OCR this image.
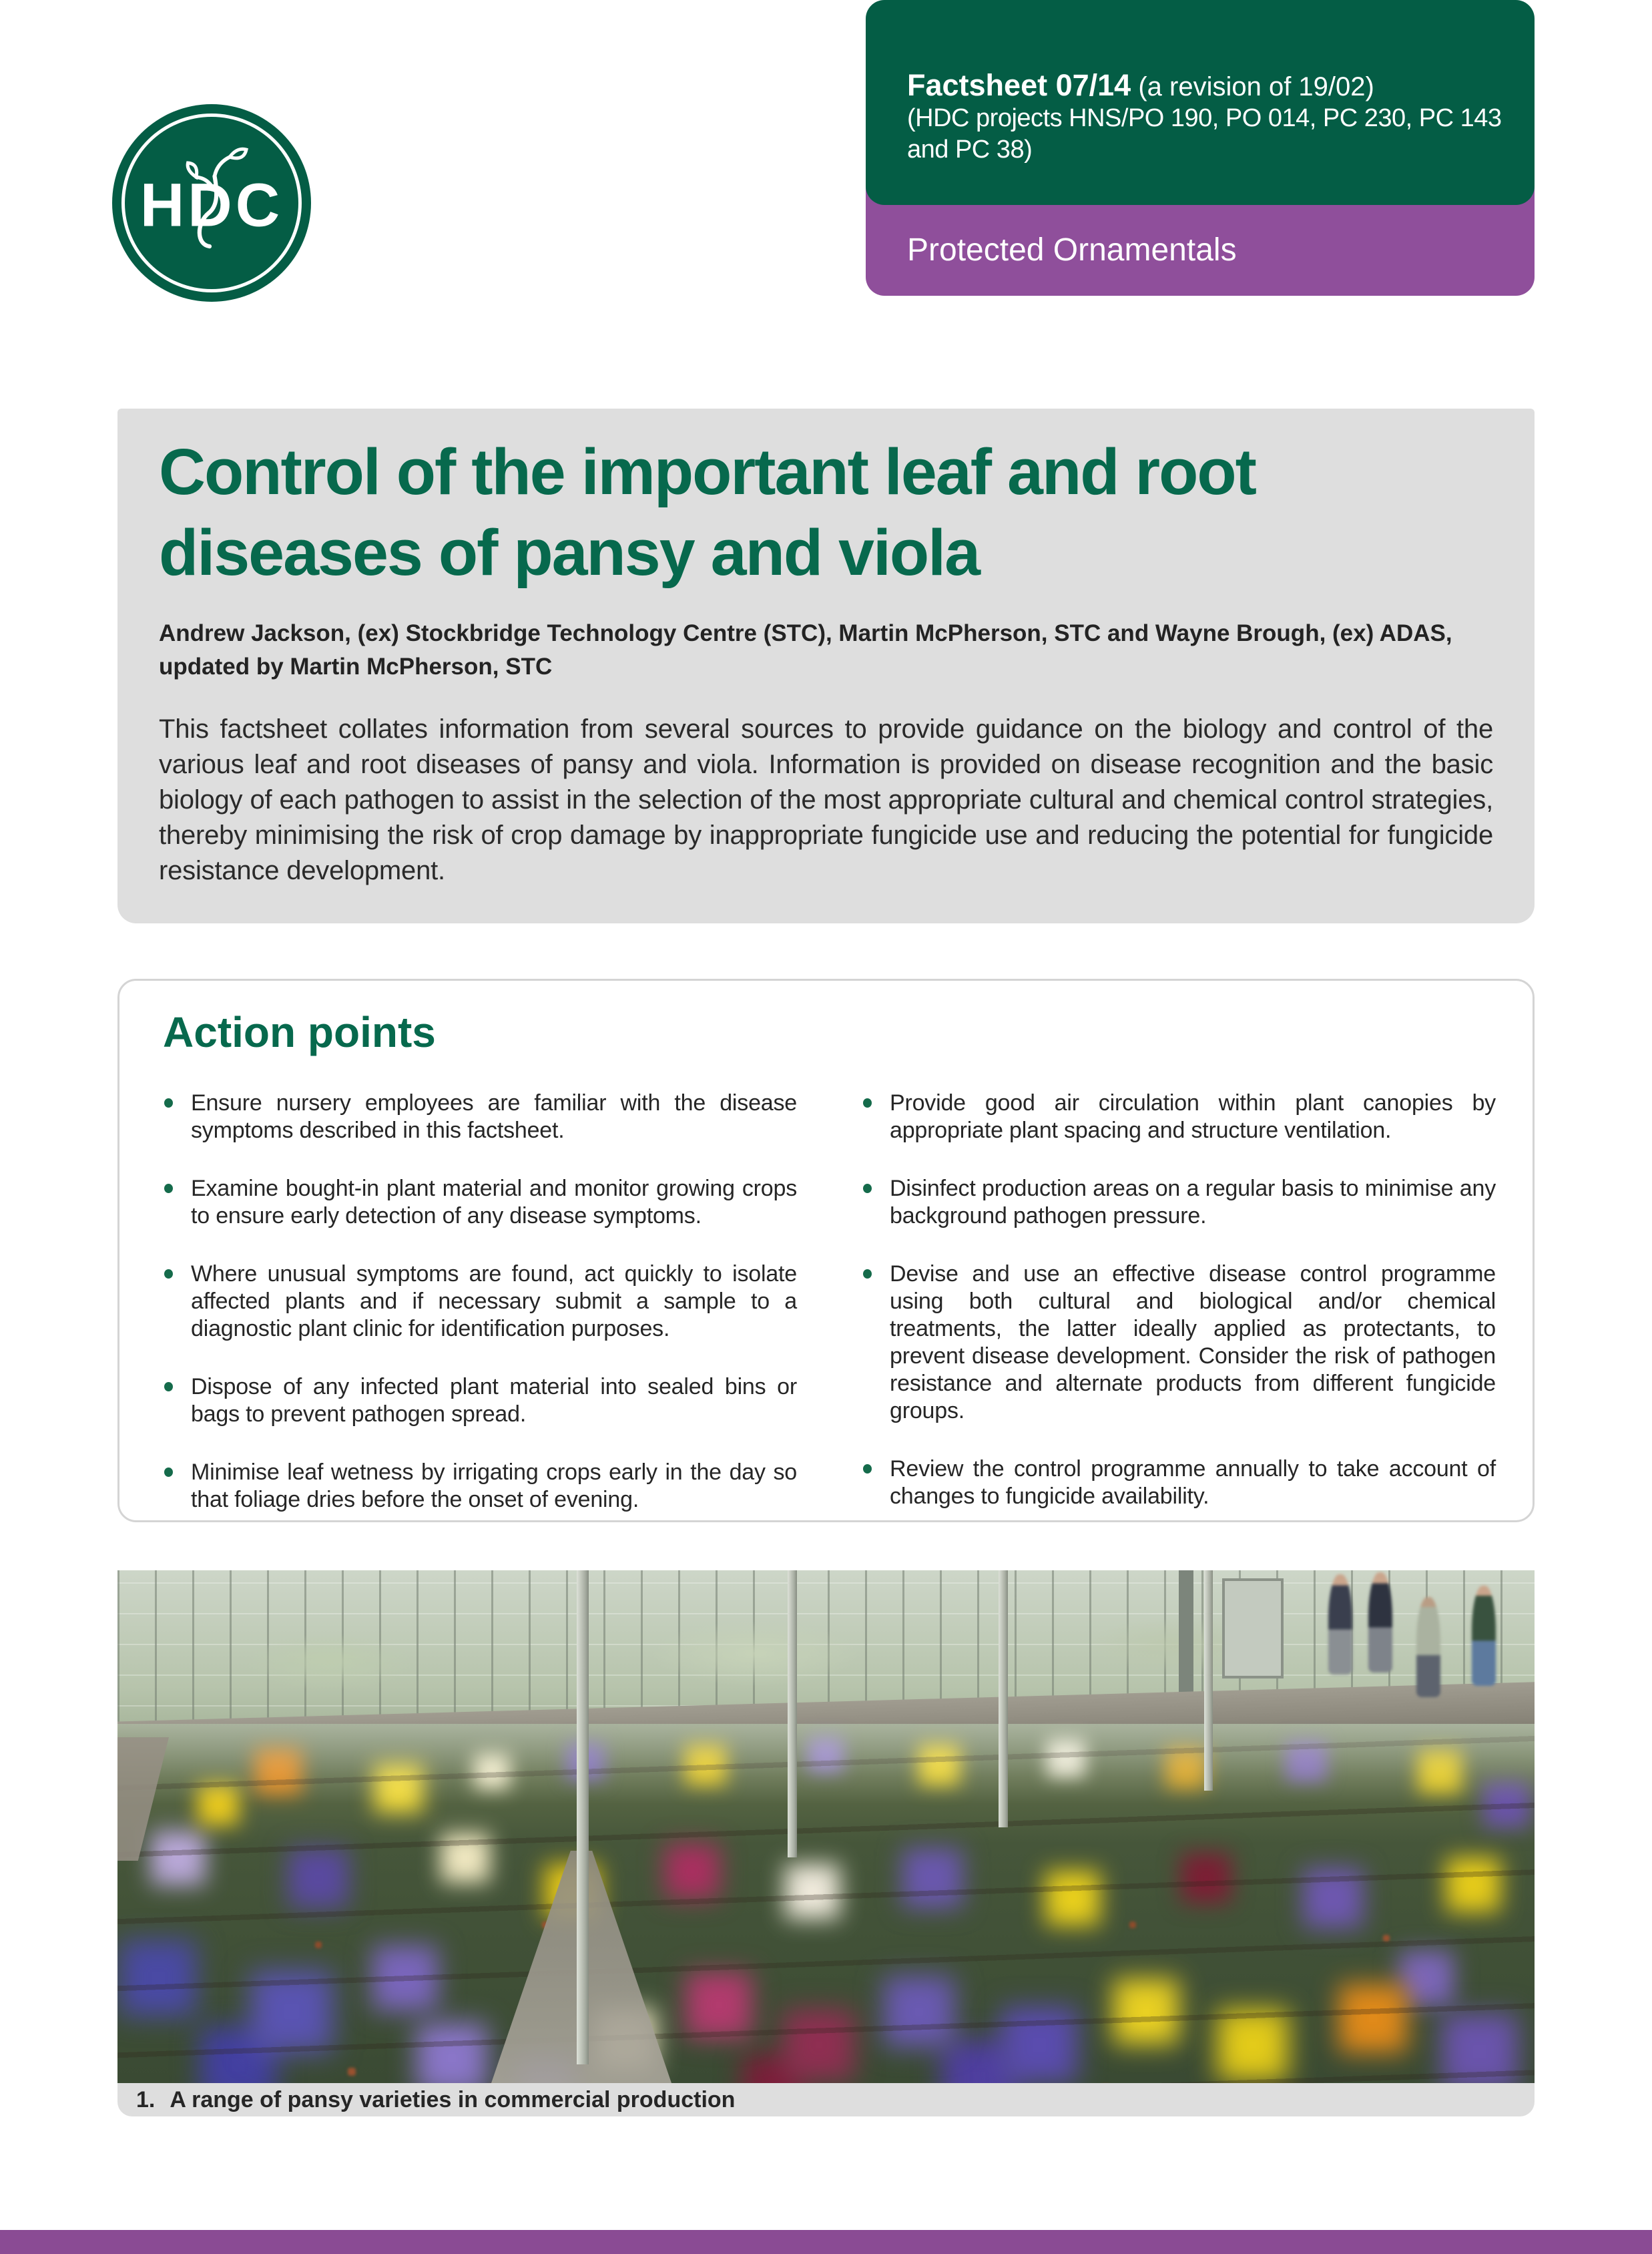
HDC
Factsheet 07/14 (a revision of 19/02)
(HDC projects HNS/PO 190, PO 014, PC 230, PC 143 and PC 38)
Protected Ornamentals
Control of the important leaf and root diseases of pansy and viola
Andrew Jackson, (ex) Stockbridge Technology Centre (STC), Martin McPherson, STC and Wayne Brough, (ex) ADAS, updated by Martin McPherson, STC
This factsheet collates information from several sources to provide guidance on the biology and control of the various leaf and root diseases of pansy and viola. Information is provided on disease recognition and the basic biology of each pathogen to assist in the selection of the most appropriate cultural and chemical control strategies, thereby minimising the risk of crop damage by inappropriate fungicide use and reducing the potential for fungicide resistance development.
Action points
Ensure nursery employees are familiar with the disease symptoms described in this factsheet.
Examine bought-in plant material and monitor growing crops to ensure early detection of any disease symptoms.
Where unusual symptoms are found, act quickly to isolate affected plants and if necessary submit a sample to a diagnostic plant clinic for identification purposes.
Dispose of any infected plant material into sealed bins or bags to prevent pathogen spread.
Minimise leaf wetness by irrigating crops early in the day so that foliage dries before the onset of evening.
Provide good air circulation within plant canopies by appropriate plant spacing and structure ventilation.
Disinfect production areas on a regular basis to minimise any background pathogen pressure.
Devise and use an effective disease control programme using both cultural and biological and/or chemical treatments, the latter ideally applied as protectants, to prevent disease development. Consider the risk of pathogen resistance and alternate products from different fungicide groups.
Review the control programme annually to take account of changes to fungicide availability.
1. A range of pansy varieties in commercial production
